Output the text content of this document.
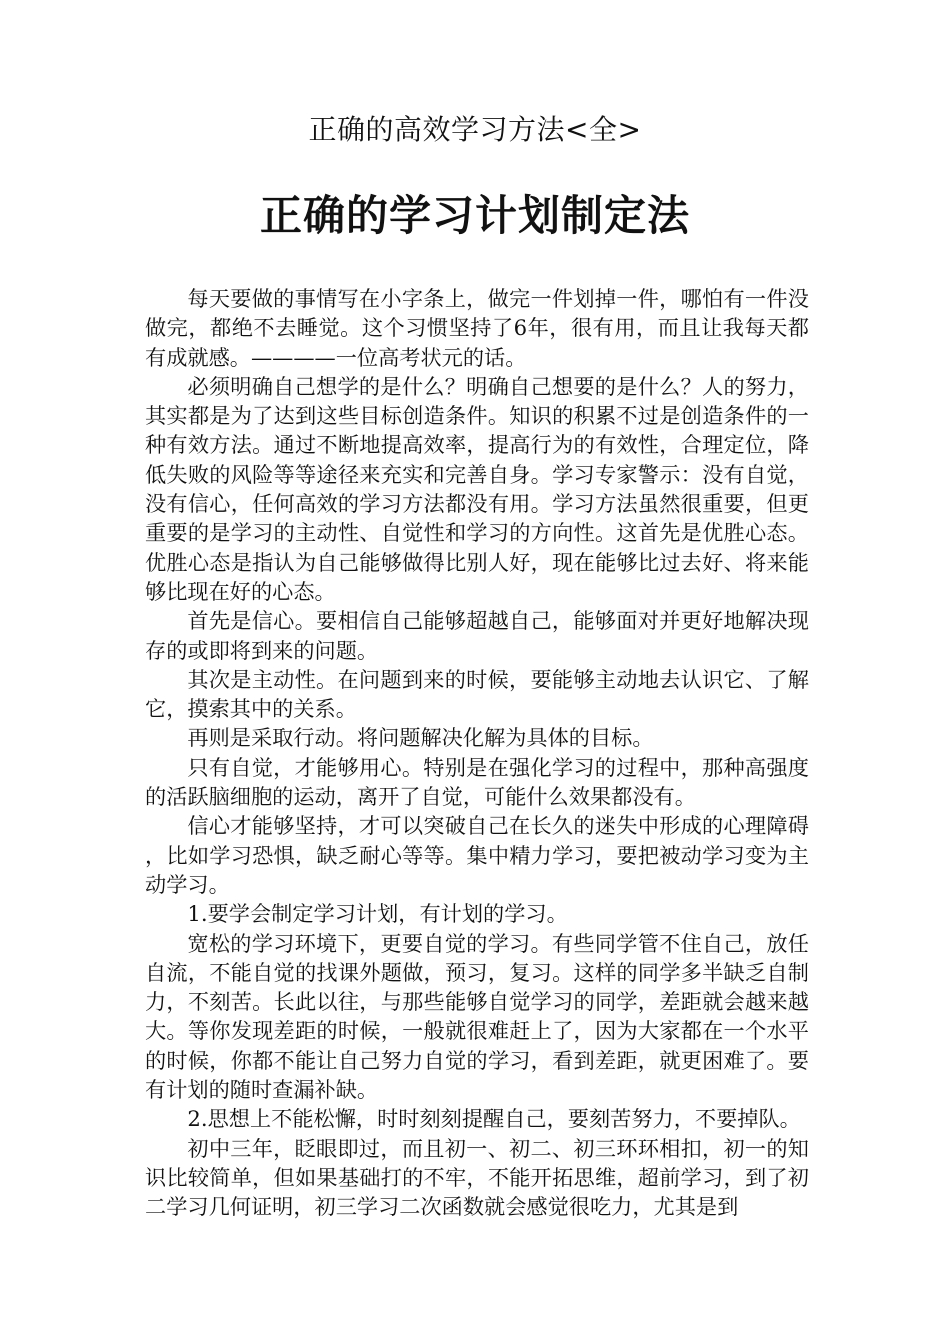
正确的高效学习方法<全>
正确的学习计划制定法

每天要做的事情写在小字条上，做完一件划掉一件，哪怕有一件没做完，都绝不去睡觉。这个习惯坚持了6年，很有用，而且让我每天都有成就感。————一位高考状元的话。

必须明确自己想学的是什么？明确自己想要的是什么？人的努力，其实都是为了达到这些目标创造条件。知识的积累不过是创造条件的一种有效方法。通过不断地提高效率，提高行为的有效性，合理定位，降低失败的风险等等途径来充实和完善自身。学习专家警示：没有自觉，没有信心，任何高效的学习方法都没有用。学习方法虽然很重要，但更重要的是学习的主动性、自觉性和学习的方向性。这首先是优胜心态。优胜心态是指认为自己能够做得比别人好，现在能够比过去好、将来能够比现在好的心态。

首先是信心。要相信自己能够超越自己，能够面对并更好地解决现存的或即将到来的问题。

其次是主动性。在问题到来的时候，要能够主动地去认识它、了解它，摸索其中的关系。

再则是采取行动。将问题解决化解为具体的目标。

只有自觉，才能够用心。特别是在强化学习的过程中，那种高强度的活跃脑细胞的运动，离开了自觉，可能什么效果都没有。

信心才能够坚持，才可以突破自己在长久的迷失中形成的心理障碍，比如学习恐惧，缺乏耐心等等。集中精力学习，要把被动学习变为主动学习。

1.要学会制定学习计划，有计划的学习。

宽松的学习环境下，更要自觉的学习。有些同学管不住自己，放任自流，不能自觉的找课外题做，预习，复习。这样的同学多半缺乏自制力，不刻苦。长此以往，与那些能够自觉学习的同学，差距就会越来越大。等你发现差距的时候，一般就很难赶上了，因为大家都在一个水平的时候，你都不能让自己努力自觉的学习，看到差距，就更困难了。要有计划的随时查漏补缺。

2.思想上不能松懈，时时刻刻提醒自己，要刻苦努力，不要掉队。

初中三年，眨眼即过，而且初一、初二、初三环环相扣，初一的知识比较简单，但如果基础打的不牢，不能开拓思维，超前学习，到了初二学习几何证明，初三学习二次函数就会感觉很吃力，尤其是到
